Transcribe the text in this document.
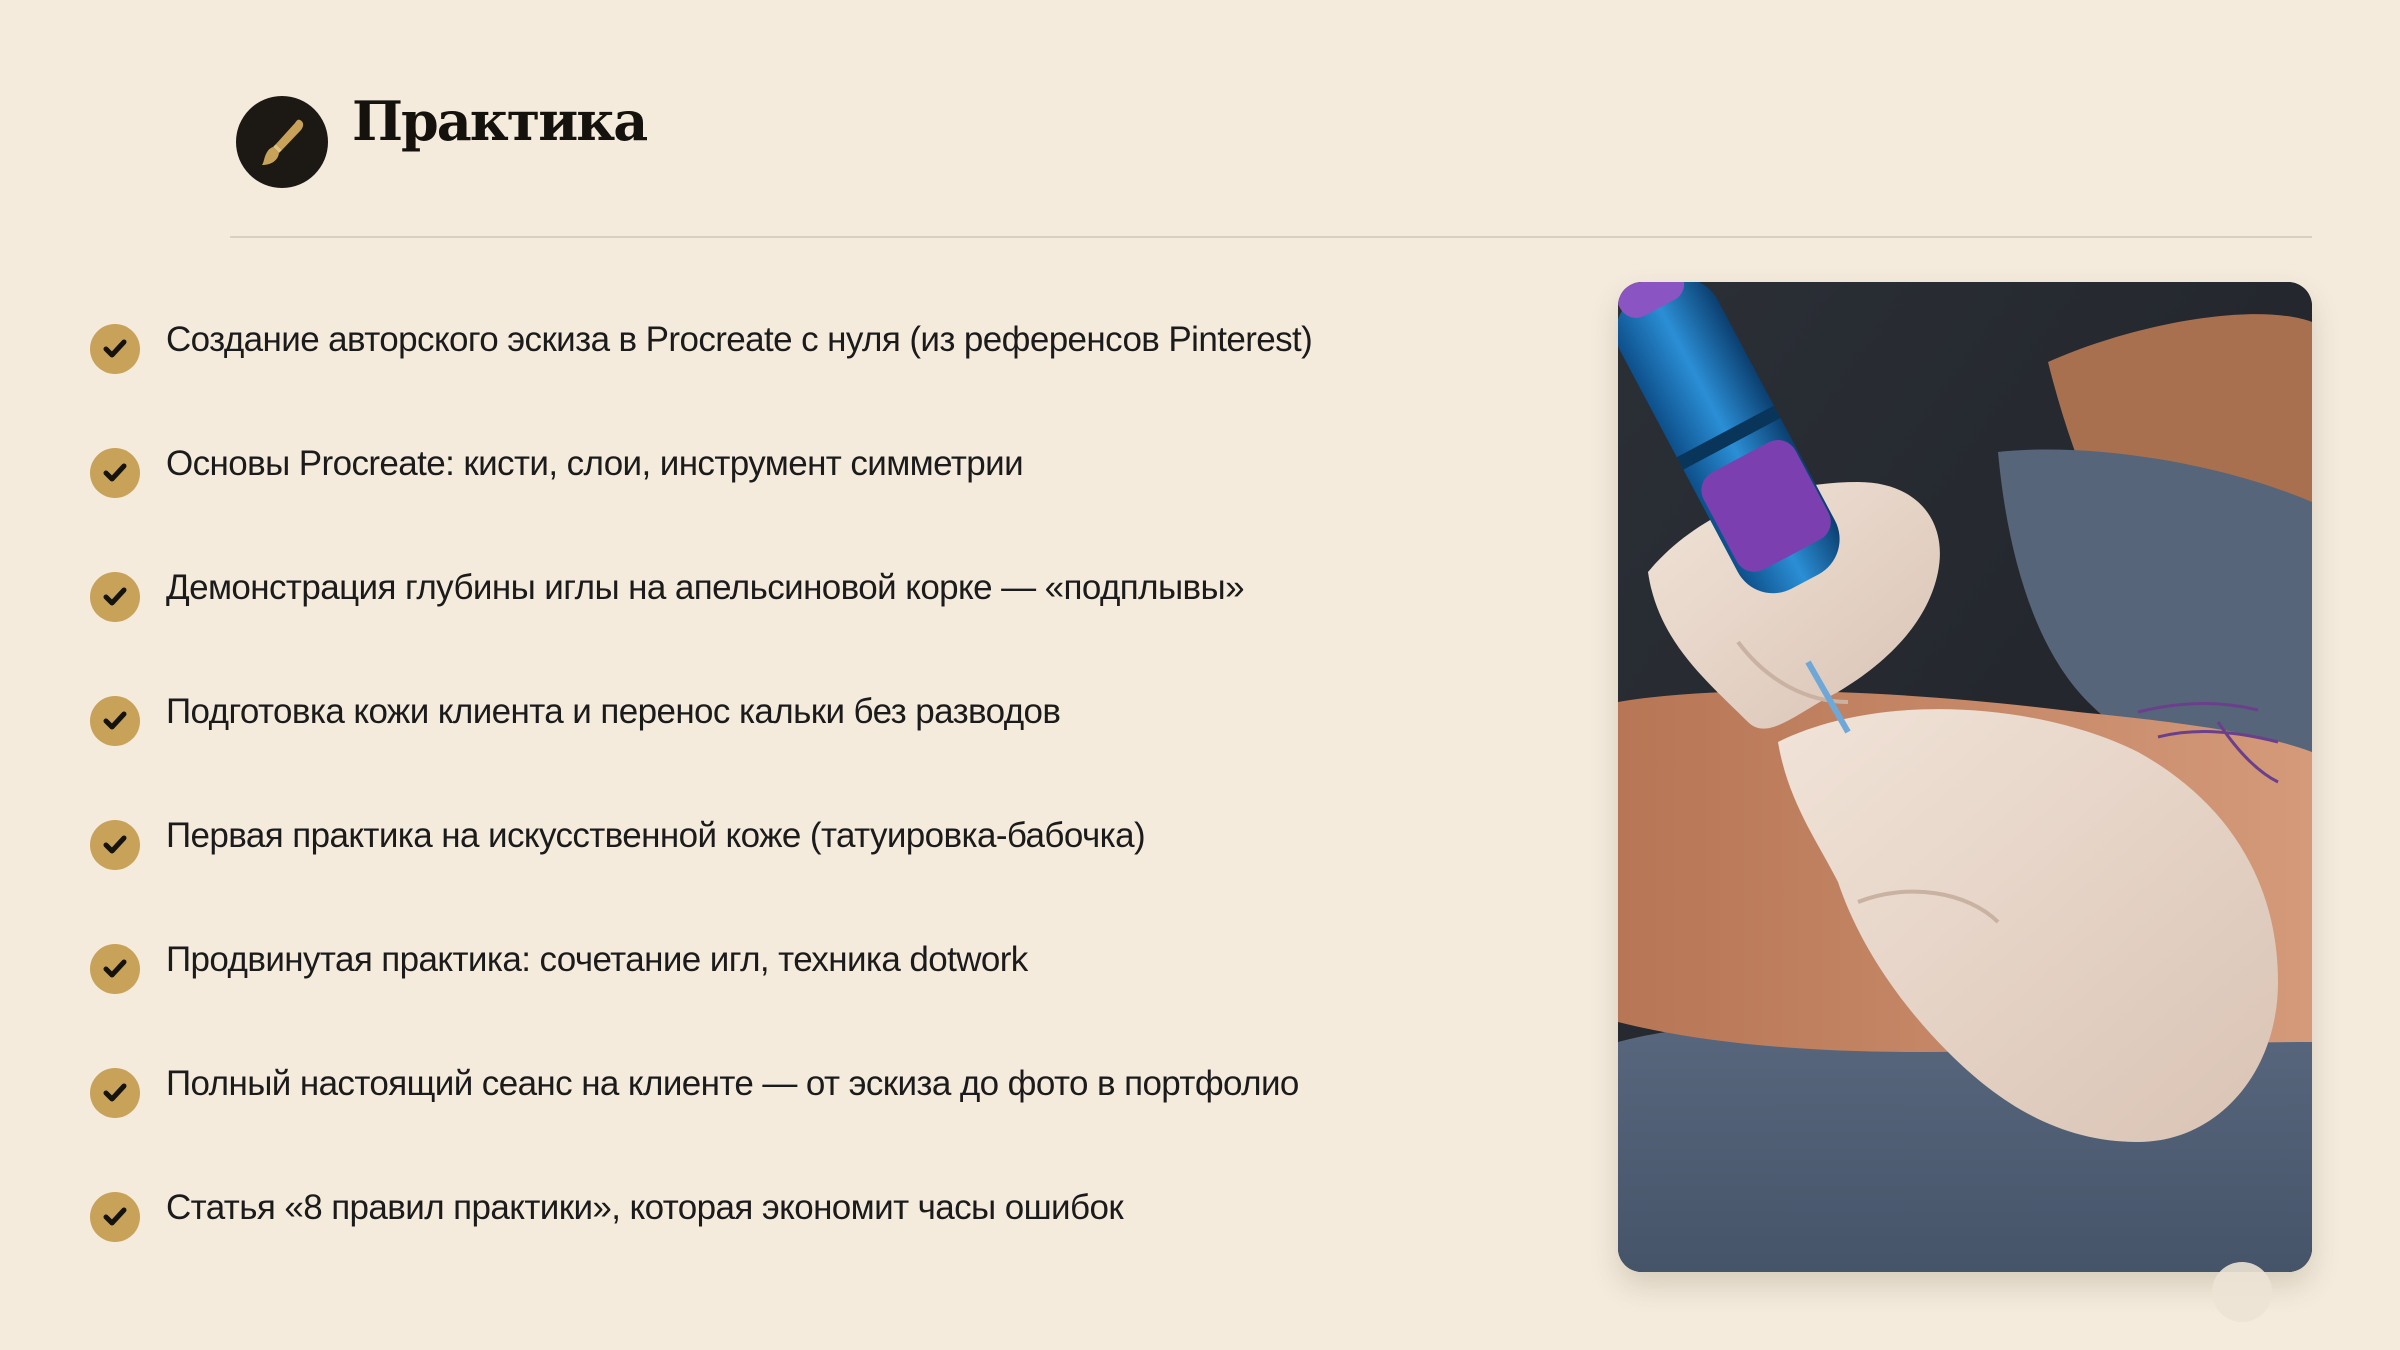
Практика
Создание авторского эскиза в Procreate с нуля (из референсов Pinterest)
Основы Procreate: кисти, слои, инструмент симметрии
Демонстрация глубины иглы на апельсиновой корке — «подплывы»
Подготовка кожи клиента и перенос кальки без разводов
Первая практика на искусственной коже (татуировка-бабочка)
Продвинутая практика: сочетание игл, техника dotwork
Полный настоящий сеанс на клиенте — от эскиза до фото в портфолио
Статья «8 правил практики», которая экономит часы ошибок
